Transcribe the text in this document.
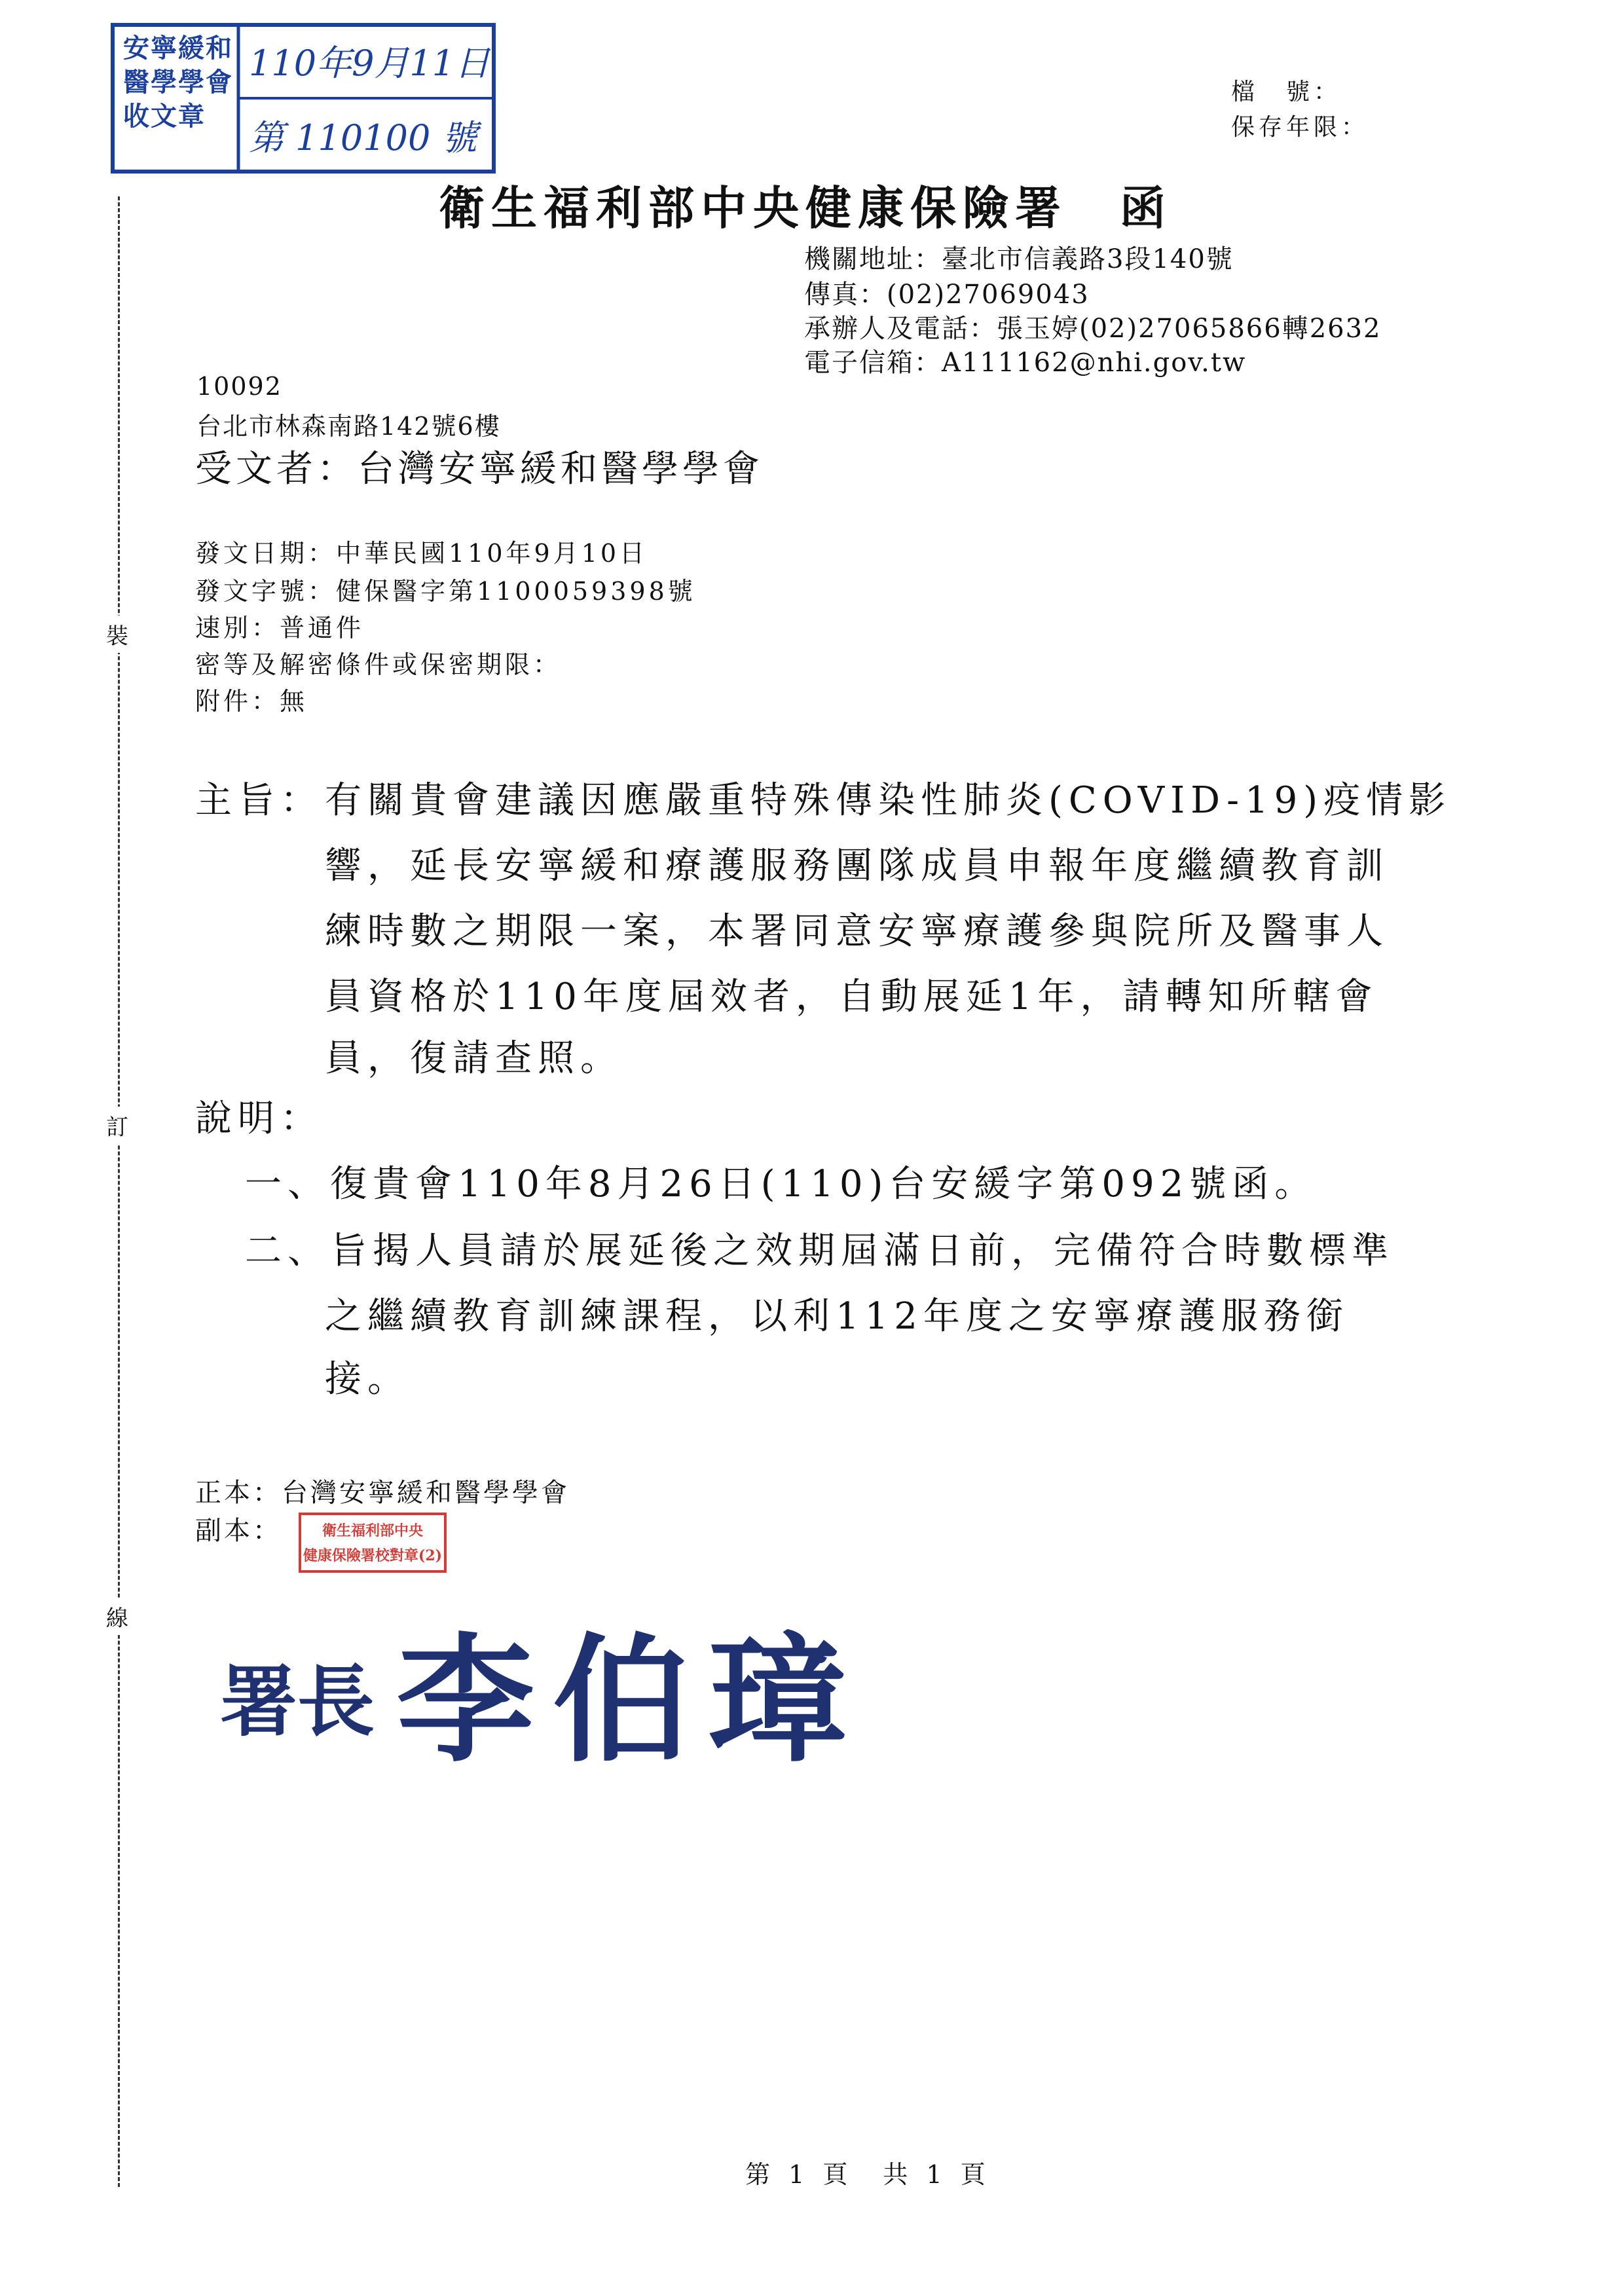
安寧緩和醫學學會收文章
110年9月11日
第 110100 號
檔　號：
保存年限：
衛生福利部中央健康保險署　函
機關地址：臺北市信義路3段140號
傳真：(02)27069043
承辦人及電話：張玉婷(02)27065866轉2632
電子信箱：A111162@nhi.gov.tw
10092
台北市林森南路142號6樓
受文者：台灣安寧緩和醫學學會
發文日期：中華民國110年9月10日
發文字號：健保醫字第1100059398號
速別：普通件
密等及解密條件或保密期限：
附件：無
裝
訂
線
主旨： 有關貴會建議因應嚴重特殊傳染性肺炎(COVID-19)疫情影
響，延長安寧緩和療護服務團隊成員申報年度繼續教育訓
練時數之期限一案，本署同意安寧療護參與院所及醫事人
員資格於110年度屆效者，自動展延1年，請轉知所轄會
員，復請查照。
說明：
一、復貴會110年8月26日(110)台安緩字第092號函。
二、旨揭人員請於展延後之效期屆滿日前，完備符合時數標準
之繼續教育訓練課程，以利112年度之安寧療護服務銜
接。
正本：台灣安寧緩和醫學學會
副本：	衛生福利部中央
健康保險署校對章(2)
署長 李伯璋
第 1 頁　共 1 頁
